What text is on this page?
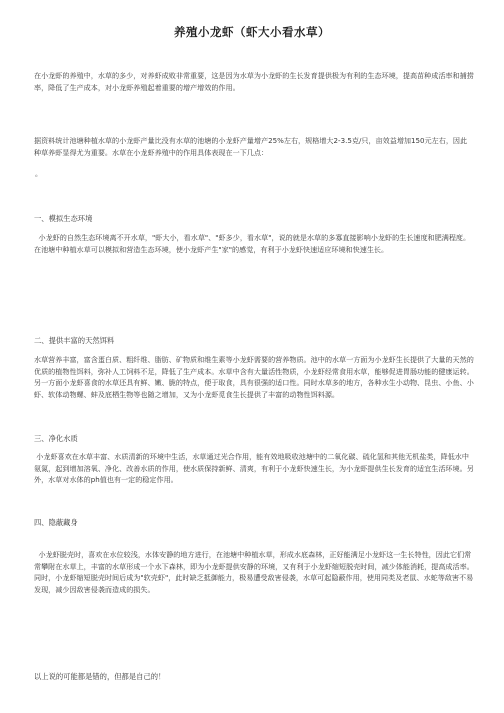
养殖小龙虾（虾大小看水草）

在小龙虾的养殖中，水草的多少，对养虾成败非常重要，这是因为水草为小龙虾的生长发育提供极为有利的生态环境，提高苗种成活率和捕捞率，降低了生产成本，对小龙虾养殖起着重要的增产增效的作用。

据资料统计池塘种植水草的小龙虾产量比没有水草的池塘的小龙虾产量增产25%左右，规格增大2-3.5克/只，亩效益增加150元左右，因此种草养虾显得尤为重要。水草在小龙虾养殖中的作用具体表现在一下几点：

。

一、模拟生态环境

小龙虾的自然生态环境离不开水草，"虾大小，看水草"、"虾多少，看水草"，说的就是水草的多寡直接影响小龙虾的生长速度和肥满程度。在池塘中种植水草可以模拟和营造生态环境，使小龙虾产生"家"的感觉，有利于小龙虾快速适应环境和快速生长。

二、提供丰富的天然饵料

水草营养丰富，富含蛋白质、粗纤维、脂肪、矿物质和维生素等小龙虾需要的营养物质。池中的水草一方面为小龙虾生长提供了大量的天然的优质的植物性饵料，弥补人工饲料不足，降低了生产成本。水草中含有大量活性物质，小龙虾经常食用水草，能够促进胃肠功能的健康运转。另一方面小龙虾喜食的水草还具有鲜、嫩、脆的特点，便于取食，具有很强的适口性。同时水草多的地方，各种水生小动物、昆虫、小鱼、小虾、软体动物螺、蚌及底栖生物等也随之增加，又为小龙虾觅食生长提供了丰富的动物性饵料源。

三、净化水质

小龙虾喜欢在水草丰富、水质清新的环境中生活，水草通过光合作用，能有效地吸收池塘中的二氧化碳、硫化氢和其他无机盐类，降低水中氨氮，起到增加溶氧、净化、改善水质的作用，使水质保持新鲜、清爽，有利于小龙虾快速生长，为小龙虾提供生长发育的适宜生活环境。另外，水草对水体的ph值也有一定的稳定作用。

四、隐蔽藏身

小龙虾脱壳时，喜欢在水位较浅，水体安静的地方进行，在池塘中种植水草，形成水底森林，正好能满足小龙虾这一生长特性，因此它们常常攀附在水草上，丰富的水草形成一个水下森林，即为小龙虾提供安静的环境，又有利于小龙虾缩短脱壳时间，减少体能消耗，提高成活率。同时，小龙虾缩短脱壳时间后成为"软壳虾"，此时缺乏抵御能力，极易遭受敌害侵袭，水草可起隐蔽作用，使用同类及老鼠、水蛇等敌害不易发现，减少因敌害侵袭而造成的损失。

以上说的可能都是错的，但都是自己的！
